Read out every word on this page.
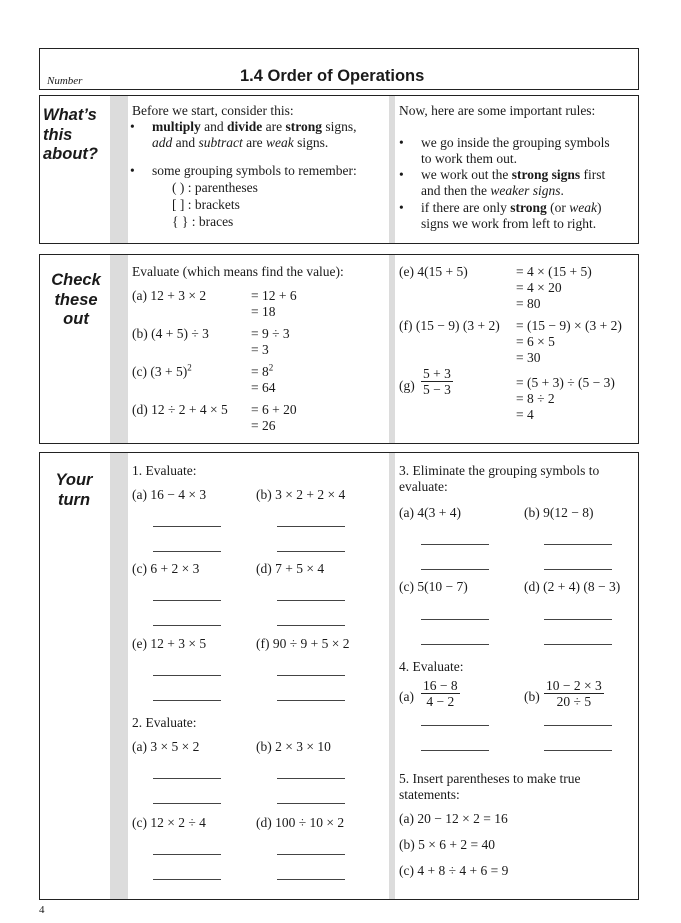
Number	1.4 Order of Operations
What’s
this
about?
Before we start, consider this:
• multiply and divide are strong signs,
add and subtract are weak signs.
• some grouping symbols to remember:
( ) : parentheses
[ ] : brackets
{ } : braces
Now, here are some important rules:
• we go inside the grouping symbols
to work them out.
• we work out the strong signs first
and then the weaker signs.
• if there are only strong (or weak)
signs we work from left to right.
Check
these
out
Evaluate (which means find the value):
(a) 12 + 3 × 2	= 12 + 6
= 18
(b) (4 + 5) ÷ 3	= 9 ÷ 3
= 3
(c) $(3 + 5)^2$	= $8^2$
= 64
(d) 12 ÷ 2 + 4 × 5 = 6 + 20
= 26
(e) 4(15 + 5)	= 4 × (15 + 5)
= 4 × 20
= 80
(f) (15 − 9) (3 + 2) = (15 − 9) × (3 + 2)
= 6 × 5
= 30
$(g) \frac{5 + 3}{5 - 3}$	= (5 + 3) ÷ (5 − 3)
= 8 ÷ 2
= 4
Your
turn
1. Evaluate:
(a) 16 − 4 × 3	(b) 3 × 2 + 2 × 4
(c) 6 + 2 × 3	(d) 7 + 5 × 4
(e) 12 + 3 × 5	(f) 90 ÷ 9 + 5 × 2
2. Evaluate:
(a) 3 × 5 × 2	(b) 2 × 3 × 10
(c) 12 × 2 ÷ 4	(d) 100 ÷ 10 × 2
3. Eliminate the grouping symbols to
evaluate:
(a) 4(3 + 4)	(b) 9(12 − 8)
(c) 5(10 − 7)	(d) (2 + 4) (8 − 3)
4. Evaluate:
$(a) \frac{16 - 8}{4 - 2}$	$(b) \frac{10 - 2 \times 3}{20 \div 5}$
5. Insert parentheses to make true
statements:
(a) 20 − 12 × 2 = 16
(b) 5 × 6 + 2 = 40
(c) 4 + 8 ÷ 4 + 6 = 9
4
